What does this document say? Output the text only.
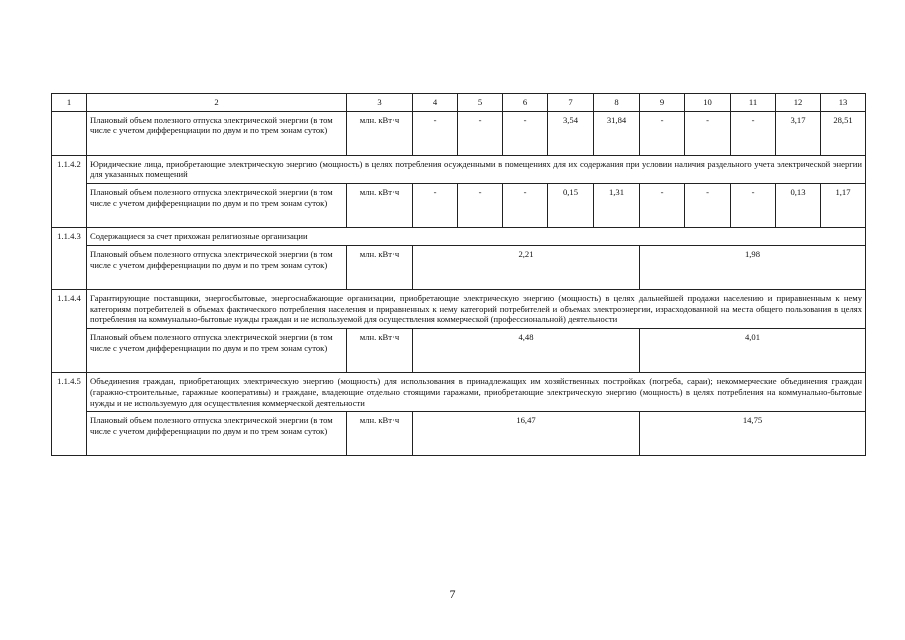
1	2	3	4	5	6	7	8	9	10	11	12	13
	Плановый объем полезного отпуска электрической энергии (в том числе с учетом дифференциации по двум и по трем зонам суток)	млн. кВт·ч	-	-	-	3,54	31,84	-	-	-	3,17	28,51
1.1.4.2	Юридические лица, приобретающие электрическую энергию (мощность) в целях потребления осужденными в помещениях для их содержания при условии наличия раздельного учета электрической энергии для указанных помещений											
	Плановый объем полезного отпуска электрической энергии (в том числе с учетом дифференциации по двум и по трем зонам суток)	млн. кВт·ч	-	-	-	0,15	1,31	-	-	-	0,13	1,17
1.1.4.3	Содержащиеся за счет прихожан религиозные организации											
	Плановый объем полезного отпуска электрической энергии (в том числе с учетом дифференциации по двум и по трем зонам суток)	млн. кВт·ч	2,21					1,98				
1.1.4.4	Гарантирующие поставщики, энергосбытовые, энергоснабжающие организации, приобретающие электрическую энергию (мощность) в целях дальнейшей продажи населению и приравненным к нему категориям потребителей в объемах фактического потребления населения и приравненных к нему категорий потребителей и объемах электроэнергии, израсходованной на места общего пользования в целях потребления на коммунально-бытовые нужды граждан и не используемой для осуществления коммерческой (профессиональной) деятельности											
	Плановый объем полезного отпуска электрической энергии (в том числе с учетом дифференциации по двум и по трем зонам суток)	млн. кВт·ч	4,48					4,01				
1.1.4.5	Объединения граждан, приобретающих электрическую энергию (мощность) для использования в принадлежащих им хозяйственных постройках (погреба, сараи); некоммерческие объединения граждан (гаражно-строительные, гаражные кооперативы) и граждане, владеющие отдельно стоящими гаражами, приобретающие электрическую энергию (мощность) в целях потребления на коммунально-бытовые нужды и не используемую для осуществления коммерческой деятельности											
	Плановый объем полезного отпуска электрической энергии (в том числе с учетом дифференциации по двум и по трем зонам суток)	млн. кВт·ч	16,47					14,75				
7
